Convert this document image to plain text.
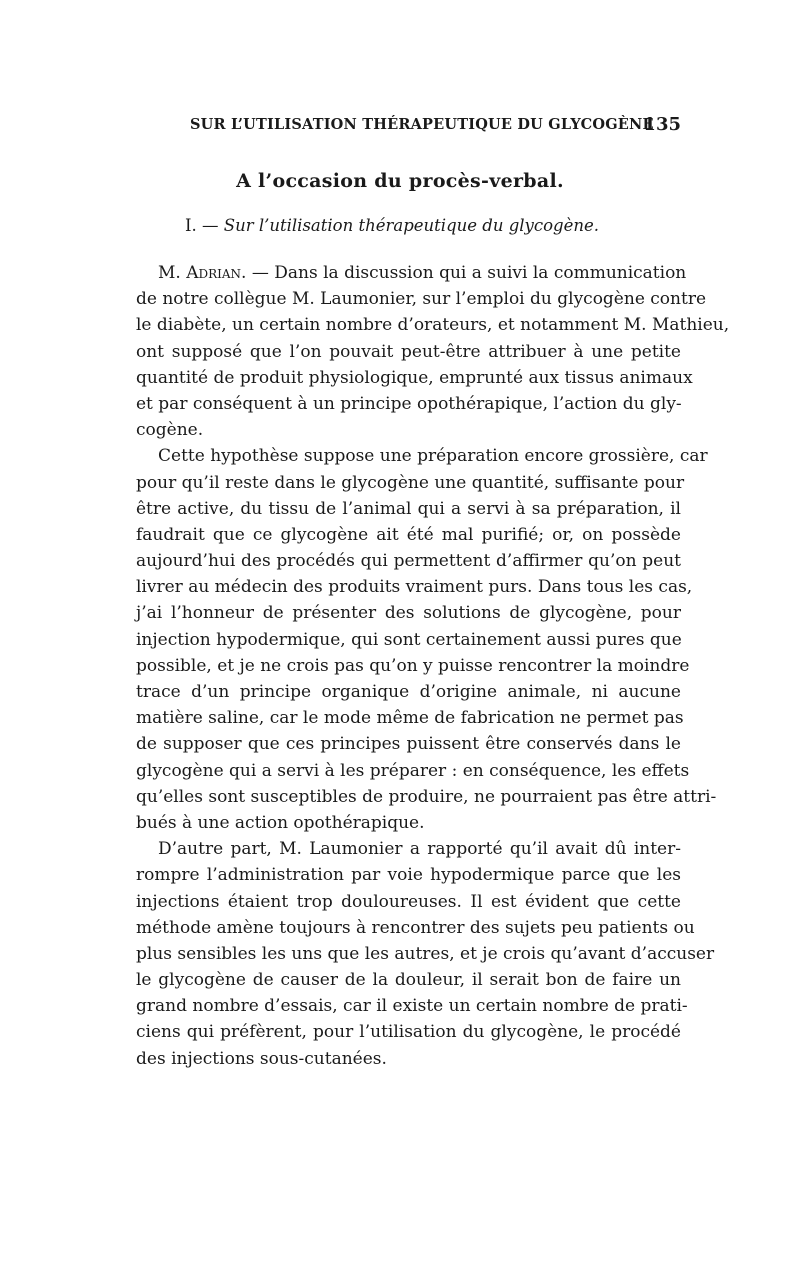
SUR L’UTILISATION THÉRAPEUTIQUE DU GLYCOGÈNE
135
A l’occasion du procès-verbal.
I. — Sur l’utilisation thérapeutique du glycogène.
M. Adrian. — Dans la discussion qui a suivi la communication
de notre collègue M. Laumonier, sur l’emploi du glycogène contre
le diabète, un certain nombre d’orateurs, et notamment M. Mathieu,
ont supposé que l’on pouvait peut-être attribuer à une petite
quantité de produit physiologique, emprunté aux tissus animaux
et par conséquent à un principe opothérapique, l’action du gly-
cogène.
Cette hypothèse suppose une préparation encore grossière, car
pour qu’il reste dans le glycogène une quantité, suffisante pour
être active, du tissu de l’animal qui a servi à sa préparation, il
faudrait que ce glycogène ait été mal purifié; or, on possède
aujourd’hui des procédés qui permettent d’affirmer qu’on peut
livrer au médecin des produits vraiment purs. Dans tous les cas,
j’ai l’honneur de présenter des solutions de glycogène, pour
injection hypodermique, qui sont certainement aussi pures que
possible, et je ne crois pas qu’on y puisse rencontrer la moindre
trace d’un principe organique d’origine animale, ni aucune
matière saline, car le mode même de fabrication ne permet pas
de supposer que ces principes puissent être conservés dans le
glycogène qui a servi à les préparer : en conséquence, les effets
qu’elles sont susceptibles de produire, ne pourraient pas être attri-
bués à une action opothérapique.
D’autre part, M. Laumonier a rapporté qu’il avait dû inter-
rompre l’administration par voie hypodermique parce que les
injections étaient trop douloureuses. Il est évident que cette
méthode amène toujours à rencontrer des sujets peu patients ou
plus sensibles les uns que les autres, et je crois qu’avant d’accuser
le glycogène de causer de la douleur, il serait bon de faire un
grand nombre d’essais, car il existe un certain nombre de prati-
ciens qui préfèrent, pour l’utilisation du glycogène, le procédé
des injections sous-cutanées.
